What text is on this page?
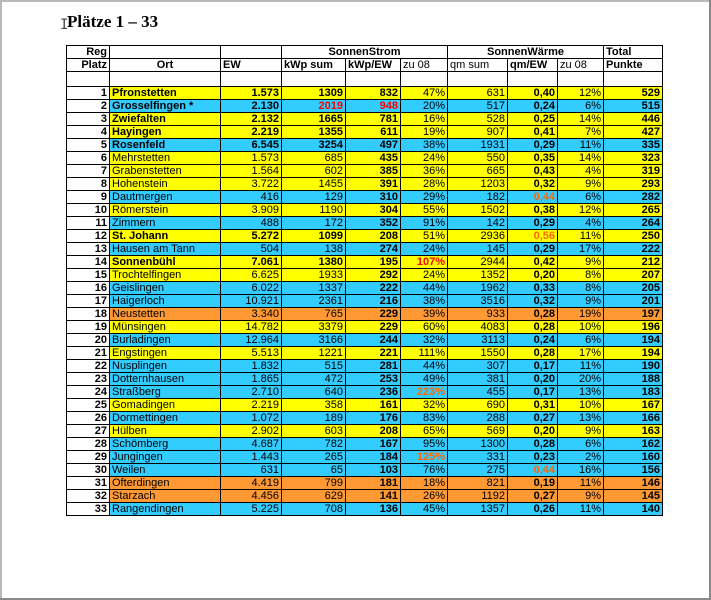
I
Plätze 1 – 33
Reg			SonnenStrom			SonnenWärme			Total
Platz	Ort	EW	kWp sum	kWp/EW	zu 08	qm sum	qm/EW	zu 08	Punkte

1	Pfronstetten	1.573	1309	832	47%	631	0,40	12%	529
2	Grosselfingen *	2.130	2019	948	20%	517	0,24	6%	515
3	Zwiefalten	2.132	1665	781	16%	528	0,25	14%	446
4	Hayingen	2.219	1355	611	19%	907	0,41	7%	427
5	Rosenfeld	6.545	3254	497	38%	1931	0,29	11%	335
6	Mehrstetten	1.573	685	435	24%	550	0,35	14%	323
7	Grabenstetten	1.564	602	385	36%	665	0,43	4%	319
8	Hohenstein	3.722	1455	391	28%	1203	0,32	9%	293
9	Dautmergen	416	129	310	29%	182	0,44	6%	282
10	Römerstein	3.909	1190	304	55%	1502	0,38	12%	265
11	Zimmern	488	172	352	91%	142	0,29	4%	264
12	St. Johann	5.272	1099	208	51%	2936	0,56	11%	250
13	Hausen am Tann	504	138	274	24%	145	0,29	17%	222
14	Sonnenbühl	7.061	1380	195	107%	2944	0,42	9%	212
15	Trochtelfingen	6.625	1933	292	24%	1352	0,20	8%	207
16	Geislingen	6.022	1337	222	44%	1962	0,33	8%	205
17	Haigerloch	10.921	2361	216	38%	3516	0,32	9%	201
18	Neustetten	3.340	765	229	39%	933	0,28	19%	197
19	Münsingen	14.782	3379	229	60%	4083	0,28	10%	196
20	Burladingen	12.964	3166	244	32%	3113	0,24	6%	194
21	Engstingen	5.513	1221	221	111%	1550	0,28	17%	194
22	Nusplingen	1.832	515	281	44%	307	0,17	11%	190
23	Dotternhausen	1.865	472	253	49%	381	0,20	20%	188
24	Straßberg	2.710	640	236	223%	455	0,17	13%	183
25	Gomadingen	2.219	358	161	32%	690	0,31	10%	167
26	Dormettingen	1.072	189	176	83%	288	0,27	13%	166
27	Hülben	2.902	603	208	65%	569	0,20	9%	163
28	Schömberg	4.687	782	167	95%	1300	0,28	6%	162
29	Jungingen	1.443	265	184	125%	331	0,23	2%	160
30	Weilen	631	65	103	76%	275	0,44	16%	156
31	Ofterdingen	4.419	799	181	18%	821	0,19	11%	146
32	Starzach	4.456	629	141	26%	1192	0,27	9%	145
33	Rangendingen	5.225	708	136	45%	1357	0,26	11%	140
